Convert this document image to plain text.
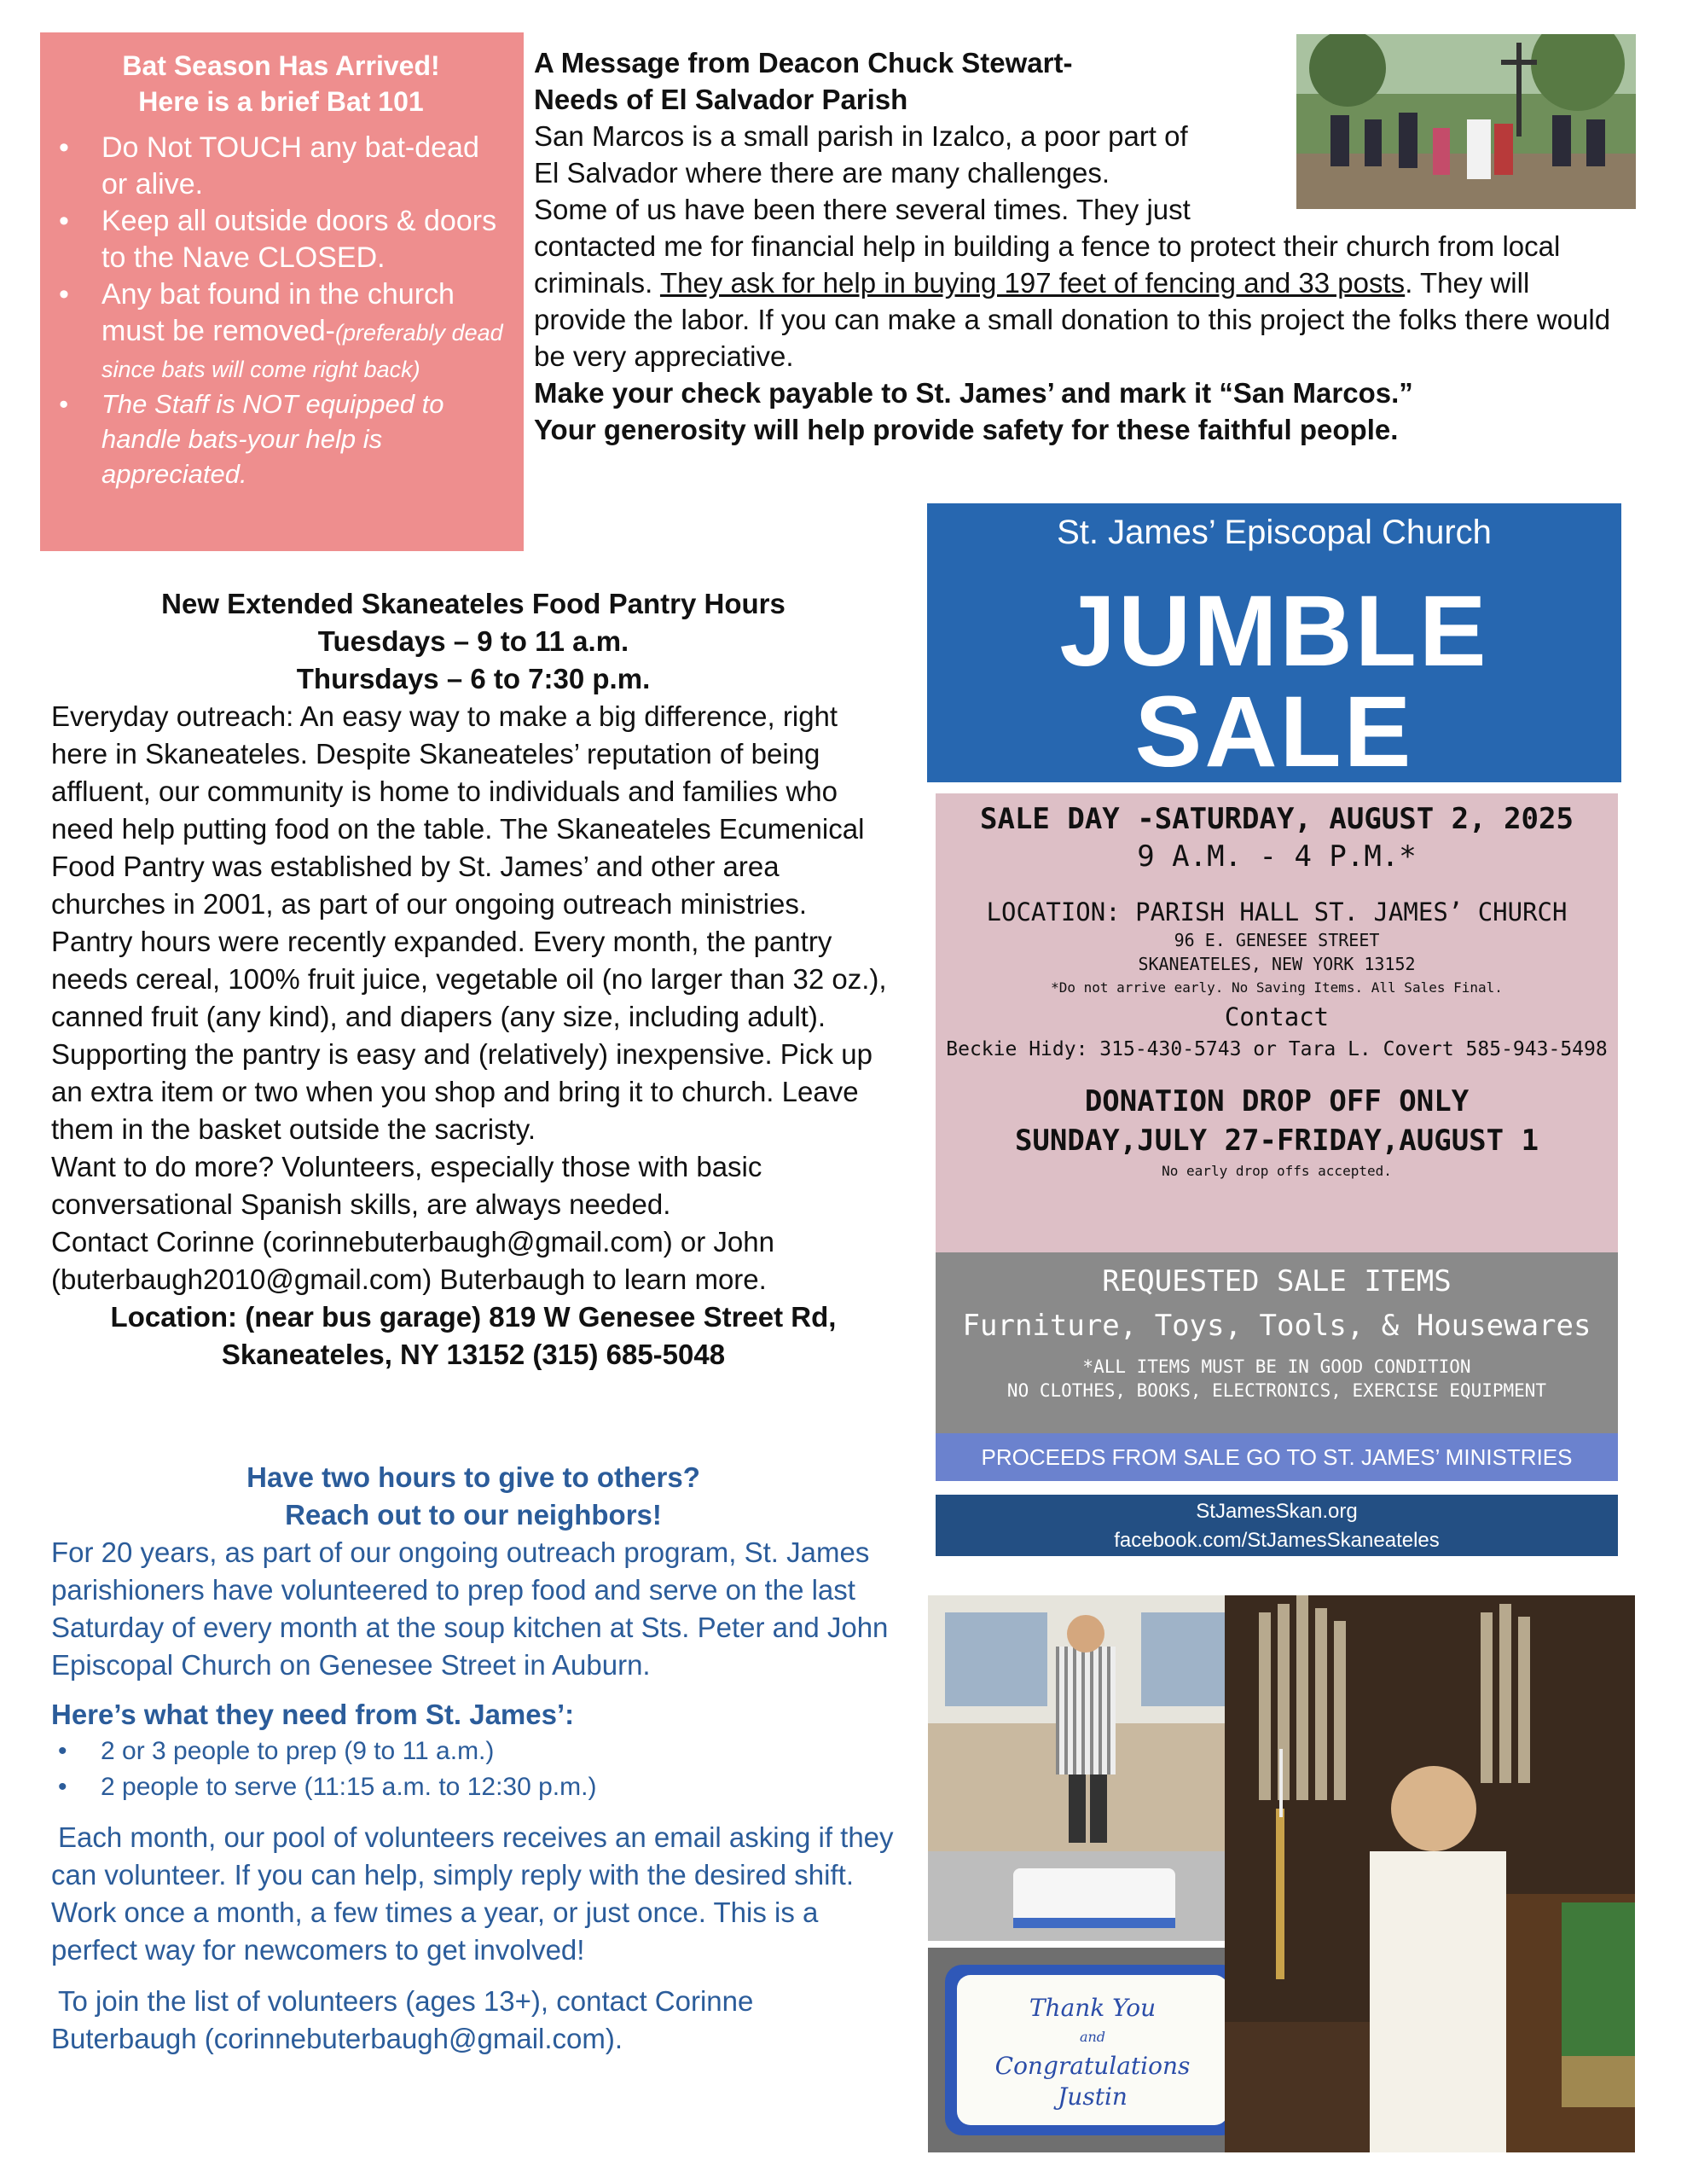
Bat Season Has Arrived!
Here is a brief Bat 101
• Do Not TOUCH any bat-dead or alive.
• Keep all outside doors & doors to the Nave CLOSED.
• Any bat found in the church must be removed-(preferably dead since bats will come right back)
• The Staff is NOT equipped to handle bats-your help is appreciated.
A Message from Deacon Chuck Stewart-
Needs of El Salvador Parish
San Marcos is a small parish in Izalco, a poor part of
El Salvador where there are many challenges.
Some of us have been there several times. They just
contacted me for financial help in building a fence to protect their church from local criminals. They ask for help in buying 197 feet of fencing and 33 posts. They will provide the labor. If you can make a small donation to this project the folks there would be very appreciative.
Make your check payable to St. James’ and mark it “San Marcos.”
Your generosity will help provide safety for these faithful people.
St. James’ Episcopal Church
JUMBLE
SALE
SALE DAY -SATURDAY, AUGUST 2, 2025
9 A.M. - 4 P.M.*
LOCATION: PARISH HALL ST. JAMES’ CHURCH
96 E. GENESEE STREET
SKANEATELES, NEW YORK 13152
*Do not arrive early. No Saving Items. All Sales Final.
Contact
Beckie Hidy: 315-430-5743 or Tara L. Covert 585-943-5498
DONATION DROP OFF ONLY
SUNDAY,JULY 27-FRIDAY,AUGUST 1
No early drop offs accepted.
REQUESTED SALE ITEMS
Furniture, Toys, Tools, & Housewares
*ALL ITEMS MUST BE IN GOOD CONDITION
NO CLOTHES, BOOKS, ELECTRONICS, EXERCISE EQUIPMENT
PROCEEDS FROM SALE GO TO ST. JAMES’ MINISTRIES
StJamesSkan.org
facebook.com/StJamesSkaneateles
New Extended Skaneateles Food Pantry Hours
Tuesdays – 9 to 11 a.m.
Thursdays – 6 to 7:30 p.m.
Everyday outreach: An easy way to make a big difference, right here in Skaneateles. Despite Skaneateles’ reputation of being affluent, our community is home to individuals and families who need help putting food on the table. The Skaneateles Ecumenical Food Pantry was established by St. James’ and other area churches in 2001, as part of our ongoing outreach ministries. Pantry hours were recently expanded. Every month, the pantry needs cereal, 100% fruit juice, vegetable oil (no larger than 32 oz.), canned fruit (any kind), and diapers (any size, including adult). Supporting the pantry is easy and (relatively) inexpensive. Pick up an extra item or two when you shop and bring it to church. Leave them in the basket outside the sacristy.
Want to do more? Volunteers, especially those with basic conversational Spanish skills, are always needed.
Contact Corinne (corinnebuterbaugh@gmail.com) or John (buterbaugh2010@gmail.com) Buterbaugh to learn more.
Location: (near bus garage) 819 W Genesee Street Rd,
Skaneateles, NY 13152 (315) 685-5048
Have two hours to give to others?
Reach out to our neighbors!
For 20 years, as part of our ongoing outreach program, St. James parishioners have volunteered to prep food and serve on the last Saturday of every month at the soup kitchen at Sts. Peter and John Episcopal Church on Genesee Street in Auburn.
Here’s what they need from St. James’:
• 2 or 3 people to prep (9 to 11 a.m.)
• 2 people to serve (11:15 a.m. to 12:30 p.m.)
Each month, our pool of volunteers receives an email asking if they can volunteer. If you can help, simply reply with the desired shift. Work once a month, a few times a year, or just once. This is a perfect way for newcomers to get involved!
To join the list of volunteers (ages 13+), contact Corinne Buterbaugh (corinnebuterbaugh@gmail.com).
Thank You
and
Congratulations
Justin
